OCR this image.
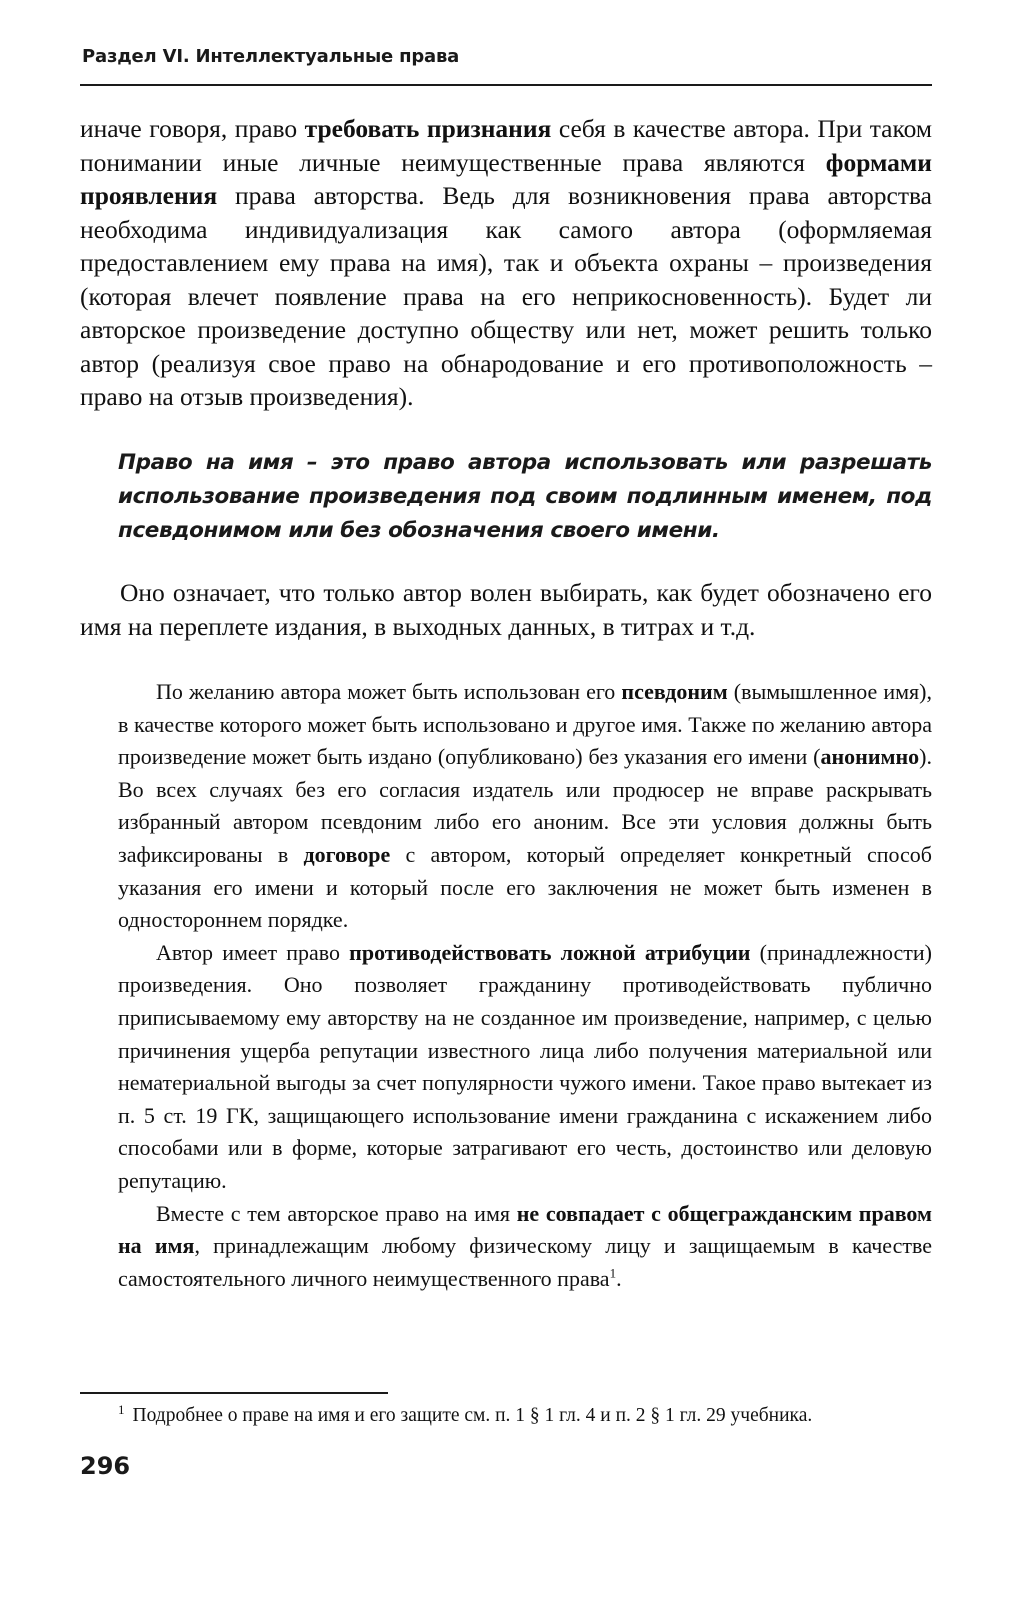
Раздел VI. Интеллектуальные права

иначе говоря, право требовать признания себя в качестве автора. При таком понимании иные личные неимущественные права являются формами проявления права авторства. Ведь для возникновения права авторства необходима индивидуализация как самого автора (оформляемая предоставлением ему права на имя), так и объекта охраны – произведения (которая влечет появление права на его неприкосновенность). Будет ли авторское произведение доступно обществу или нет, может решить только автор (реализуя свое право на обнародование и его противоположность – право на отзыв произведения).

Право на имя – это право автора использовать или разрешать использование произведения под своим подлинным именем, под псевдонимом или без обозначения своего имени.

Оно означает, что только автор волен выбирать, как будет обозначено его имя на переплете издания, в выходных данных, в титрах и т.д.

По желанию автора может быть использован его псевдоним (вымышленное имя), в качестве которого может быть использовано и другое имя. Также по желанию автора произведение может быть издано (опубликовано) без указания его имени (анонимно). Во всех случаях без его согласия издатель или продюсер не вправе раскрывать избранный автором псевдоним либо его аноним. Все эти условия должны быть зафиксированы в договоре с автором, который определяет конкретный способ указания его имени и который после его заключения не может быть изменен в одностороннем порядке.

Автор имеет право противодействовать ложной атрибуции (принадлежности) произведения. Оно позволяет гражданину противодействовать публично приписываемому ему авторству на не созданное им произведение, например, с целью причинения ущерба репутации известного лица либо получения материальной или нематериальной выгоды за счет популярности чужого имени. Такое право вытекает из п. 5 ст. 19 ГК, защищающего использование имени гражданина с искажением либо способами или в форме, которые затрагивают его честь, достоинство или деловую репутацию.

Вместе с тем авторское право на имя не совпадает с общегражданским правом на имя, принадлежащим любому физическому лицу и защищаемым в качестве самостоятельного личного неимущественного права$^1$.

$^1$ Подробнее о праве на имя и его защите см. п. 1 § 1 гл. 4 и п. 2 § 1 гл. 29 учебника.

296
